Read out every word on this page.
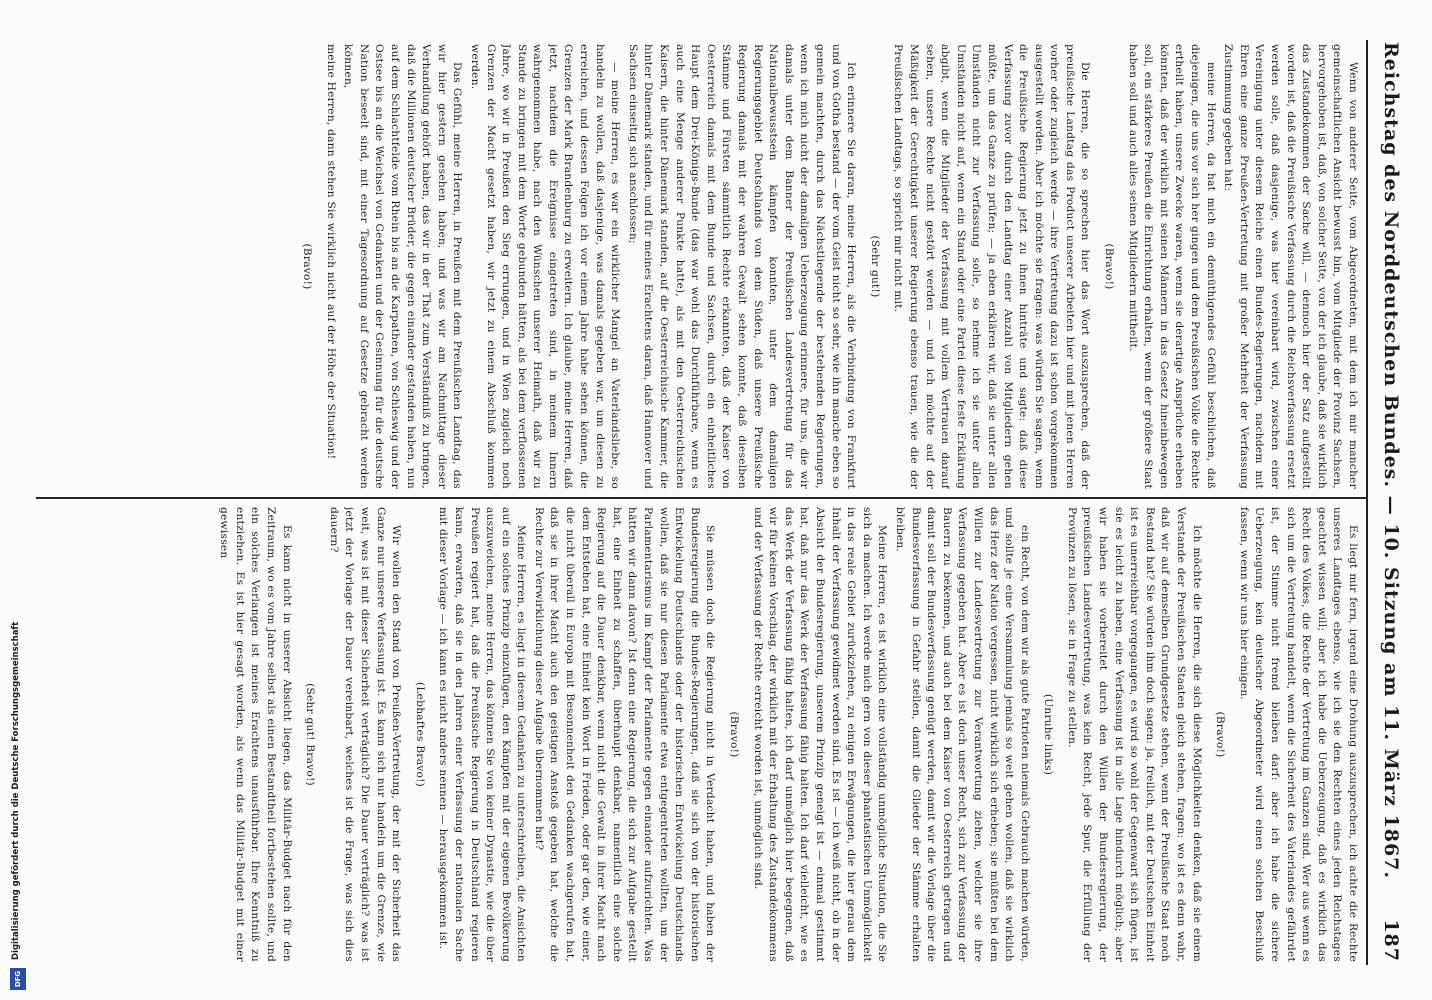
Reichstag des Norddeutschen Bundes. — 10. Sitzung am 11. März 1867.
187

Wenn von anderer Seite, vom Abgeordneten, mit dem ich mir mancher gemeinschaftlichen Ansicht bewusst bin, vom Mitgliede der Provinz Sachsen, hervorgehoben ist, daß, von solcher Seite, von der ich glaube, daß sie wirklich das Zustandekommen der Sache will, — dennoch hier der Satz aufgestellt worden ist, daß die Preußische Verfassung durch die Reichsverfassung ersetzt werden solle, daß dasjenige, was hier vereinbart wird, zwischen einer Vereinigung unter diesem Reiche einen Bundes-Regierungen, nachdem mit Ehren eine ganze Preußen-Vertretung mit großer Mehrheit der Verfassung Zustimmung gegeben hat:

meine Herren, da hat mich ein demüthigendes Gefühl beschlichen, daß diejenigen, die uns vor sich her gingen und dem Preußischen Volke die Rechte ertheilt haben, unsere Zwecke waren, wenn sie derartige Ansprüche erheben könnten, daß der wirklich mit seinen Männern in das Gesetz hineinbewegen soll, ein stärkeres Preußen die Einrichtung erhalten, wenn der größere Staat haben soll und auch alles seinen Mitgliedern mittheilt.

(Bravo!)

Die Herren, die so sprechen hier das Wort auszusprechen, daß der preußische Landtag das Product unserer Arbeiten hier und mit jenen Herren vorher oder zugleich werde — ihre Vertretung dazu ist schon vorgekommen ausgestellt worden. Aber ich möchte sie fragen: was würden Sie sagen, wenn die Preußische Regierung jetzt zu ihnen hinträte und sagte: daß diese Verfassung zuvor durch den Landtag einer Anzahl von Mitgliedern gehen müßte, um das Ganze zu prüfen; — ja eben erklären wir, daß sie unter allen Umständen nicht zur Verfassung solle, so nehme ich sie unter allen Umständen nicht auf, wenn ein Stand oder eine Partei diese feste Erklärung abgibt, wenn die Mitglieder der Verfassung mit vollem Vertrauen darauf sehen, unsere Rechte nicht gestört werden — und ich möchte auf der Mäßigkeit der Gerechtigkeit unserer Regierung ebenso trauen, wie die der Preußischen Landtags, so spricht mir nicht mit.

(Sehr gut!)

Ich erinnere Sie daran, meine Herren, als die Verbindung von Frankfurt und von Gotha bestand — der vom Geist nicht so sehr, wie ihn manche eben so gemein machten, durch das Nächstliegende der bestehenden Regierungen, wenn ich mich nicht der damaligen Ueberzeugung erinnere, für uns, die wir damals unter dem Banner der Preußischen Landesvertretung für das Nationalbewusstsein kämpfen konnten, unter dem damaligen Regierungsgebiet Deutschlands von dem Süden, daß unsere Preußische Regierung damals mit der wahren Gewalt sehen konnte, daß dieselben Stämme und Fürsten sämmtlich Rechte erkannten, daß der Kaiser von Oesterreich damals mit dem Bunde und Sachsen, durch ein einheitliches Haupt dem Drei-Königs-Bunde (das war wohl das Durchführbare, wenn es auch eine Menge anderer Punkte hatte), als mit den Oesterreichischen Kaisern, die hinter Dänemark standen, auf die Oesterreichische Kammer, die hinter Dänemark standen, und für meines Erachtens daran, daß Hannover und Sachsen einseitig sich anschlossen;

— meine Herren, es war ein wirklicher Mangel an Vaterlandsliebe, so handeln zu wollen, daß dasjenige, was damals gegeben war, um diesen zu erreichen, und dessen Folgen ich vor einem Jahre habe sehen können, die Grenzen der Mark Brandenburg zu erweitern. Ich glaube, meine Herren, daß jetzt, nachdem die Ereignisse eingetreten sind, in meinem Innern wahrgenommen habe, nach den Wünschen unserer Heimath, daß wir zu Stande zu bringen mit dem Worte gebunden hätten, als bei dem verflossenen Jahre, wo wir in Preußen den Sieg errungen, und in Wien zugleich noch Grenzen der Macht gesetzt haben, wir jetzt zu einem Abschluß kommen werden.

Das Gefühl, meine Herren, in Preußen mit dem Preußischen Landtag, das wir hier gestern gesehen haben, und was wir am Nachmittage dieser Verhandlung gehört haben, das wir in der That zum Verständniß zu bringen, daß die Millionen deutscher Brüder, die gegen einander gestanden haben, nun auf dem Schlachtfelde vom Rhein bis an die Karpathen, von Schleswig und der Ostsee bis an die Weichsel von Gedanken und der Gesinnung für die deutsche Nation beseelt sind, mit einer Tagesordnung auf Gesetze gebracht werden können,

meine Herren, dann stehen Sie wirklich nicht auf der Höhe der Situation!

(Bravo!)

Es liegt mir fern, irgend eine Drohung auszusprechen, ich achte die Rechte unseres Landtages ebenso, wie ich sie den Rechten eines jeden Reichstages geachtet wissen will; aber ich habe die Ueberzeugung, daß es wirklich das Recht des Volkes, die Rechte der Vertretung im Ganzen sind. Wer aus wenn es sich um die Vertretung handelt, wenn die Sicherheit des Vaterlandes gefährdet ist, der Stimme nicht fremd bleiben darf: aber ich habe die sichere Ueberzeugung, kein deutscher Abgeordneter wird einen solchen Beschluß fassen, wenn wir uns hier einigen.

(Bravo!)

Ich möchte die Herren, die sich diese Möglichkeiten denken, daß sie einem Verstande der Preußischen Staaten gleich stehen, fragen: wo ist es denn wahr, daß wir auf demselben Grundgesetze stehen, wenn der Preußische Staat noch Bestand hat? Sie würden ihm doch sagen: ja, freilich, mit der Deutschen Einheit ist es unerreichbar vorgegangen, es wird so wohl der Gegenwart sich fügen, ist sie es leicht zu haben, eine Verfassung ist in alle Lage hindurch möglich; aber wir haben sie vorbereitet durch den Willen der Bundesregierung, der preußischen Landesvertretung, was kein Recht, jede Spur, die Erfüllung der Provinzen zu lösen, sie in Frage zu stellen.

(Unruhe links)

ein Recht, von dem wir als gute Patrioten niemals Gebrauch machen würden, und sollte je eine Versammlung jemals so weit gehen wollen, daß sie wirklich das Herz der Nation vergessen, nicht wirklich sich erheben; sie müßten bei dem Willen zur Landesvertretung zur Verantwortung ziehen, welcher sie ihre Verfassung gegeben hat. Aber es ist doch unser Recht, sich zur Verfassung der Bauern zu bekennen, und auch bei dem Kaiser von Oesterreich getragen und damit soll der Bundesverfassung genügt werden, damit wir die Vorlage über die Bundesverfassung in Gefahr stellen, damit die Glieder der Stämme erhalten bleiben.

Meine Herren, es ist wirklich eine vollständig unmögliche Situation, die Sie sich da machen. Ich werde mich gern von dieser phantastischen Unmöglichkeit in das reale Gebiet zurückziehen, zu einigen Erwägungen, die hier genau dem Inhalt der Verfassung gewidmet werden sind. Es ist — ich weiß nicht, ob in der Absicht der Bundesregierung, unserem Prinzip geneigt ist — einmal gestimmt hat, daß nur das Werk der Verfassung fähig halten. Ich darf vielleicht, wie es das Werk der Verfassung fähig halten, ich darf unmöglich hier begegnen, daß wir für keinen Vorschlag, der wirklich mit der Erhaltung des Zustandekommens und der Verfassung der Rechte erreicht worden ist, unmöglich sind.

(Bravo!)

Sie müssen doch die Regierung nicht in Verdacht haben, und haben der Bundesregierung die Bundes-Regierungen, daß sie sich von der historischen Entwickelung Deutschlands oder der historischen Entwickelung Deutschlands wollen, daß sie nur diesen Parlamente etwa entgegentreten wollten, um der Parlamentarismus im Kampf der Parlamente gegen einander aufzurichten. Was hätten wir dann davon? Ist denn eine Regierung, die sich zur Aufgabe gestellt hat, eine Einheit zu schaffen, überhaupt denkbar, namentlich eine solche Regierung auf die Dauer denkbar, wenn nicht die Gewalt in ihrer Macht nach dem Entstehen hat, eine Einheit kein Wort in Frieden, oder gar den, wie einer, die nicht überall in Europa mit Besonnenheit den Gedanken wachgerufen hat, daß sie in ihrer Macht auch den geistigen Anstoß gegeben hat, welche die Rechte zur Verwirklichung dieser Aufgabe übernommen hat?

Meine Herren, es liegt in diesem Gedanken zu unterschreiben, die Ansichten auf ein solches Prinzip einzufügen, den Kämpfen mit der eigenen Bevölkerung auszuweichen, meine Herren, das können Sie von keiner Dynastie, wie die über Preußen regiert hat, daß die Preußische Regierung in Deutschland regieren kann, erwarten, daß sie in den Jahren einer Verfassung der nationalen Sache mit dieser Vorlage — ich kann es nicht anders nennen — herausgekommen ist.

(Lebhaftes Bravo!)

Wir wollen den Stand von Preußen-Vertretung, der mit der Sicherheit das Ganze nur unsere Verfassung ist. Es kann sich nur handeln um die Grenze, wie weit, was ist mit dieser Sicherheit verträglich? Die Dauer verträglich? was ist jetzt der Vorlage der Dauer vereinbart, welches ist die Frage, was sich dies dauern?

(Sehr gut! Bravo!)

Es kann nicht in unserer Absicht liegen, das Militär-Budget nach für den Zeitraum, wo es vom Jahre selbst als einen Bestandtheil fortbestehen sollte, und ein solches Verlangen ist meines Erachtens unausführbar. Ihre Kenntniß zu entziehen. Es ist hier gesagt worden, als wenn das Militär-Budget mit einer gewissen

DFG
Digitalisierung gefördert durch die Deutsche Forschungsgemeinschaft
